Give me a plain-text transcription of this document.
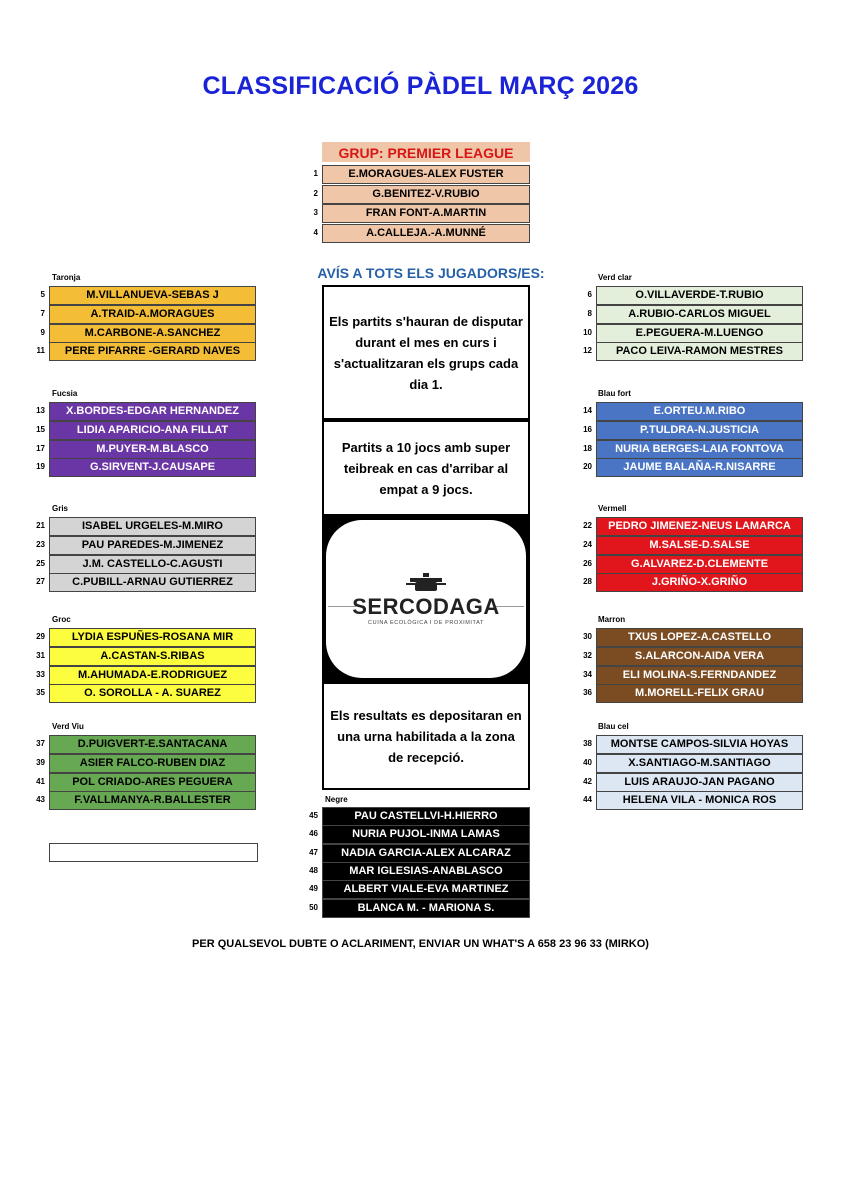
CLASSIFICACIÓ PÀDEL MARÇ 2026
GRUP: PREMIER LEAGUE
1	E.MORAGUES-ALEX FUSTER
2	G.BENITEZ-V.RUBIO
3	FRAN FONT-A.MARTIN
4	A.CALLEJA.-A.MUNNÉ
AVÍS A TOTS ELS JUGADORS/ES:
Els partits s'hauran de disputar durant el mes en curs i s'actualitzaran els grups cada dia 1.
Partits a 10 jocs amb super teibreak en cas d'arribar al empat a 9 jocs.
SERCODAGA
CUINA ECOLÒGICA I DE PROXIMITAT
Els resultats es depositaran en una urna habilitada a la zona de recepció.
Taronja
5	M.VILLANUEVA-SEBAS J
7	A.TRAID-A.MORAGUES
9	M.CARBONE-A.SANCHEZ
11	PERE PIFARRE -GERARD NAVES
Fucsia
13	X.BORDES-EDGAR HERNANDEZ
15	LIDIA APARICIO-ANA FILLAT
17	M.PUYER-M.BLASCO
19	G.SIRVENT-J.CAUSAPE
Gris
21	ISABEL URGELES-M.MIRO
23	PAU PAREDES-M.JIMENEZ
25	J.M. CASTELLO-C.AGUSTI
27	C.PUBILL-ARNAU GUTIERREZ
Groc
29	LYDIA ESPUÑES-ROSANA MIR
31	A.CASTAN-S.RIBAS
33	M.AHUMADA-E.RODRIGUEZ
35	O. SOROLLA - A. SUAREZ
Verd Viu
37	D.PUIGVERT-E.SANTACANA
39	ASIER FALCO-RUBEN DIAZ
41	POL CRIADO-ARES PEGUERA
43	F.VALLMANYA-R.BALLESTER
Verd clar
6	O.VILLAVERDE-T.RUBIO
8	A.RUBIO-CARLOS MIGUEL
10	E.PEGUERA-M.LUENGO
12	PACO LEIVA-RAMON MESTRES
Blau fort
14	E.ORTEU.M.RIBO
16	P.TULDRA-N.JUSTICIA
18	NURIA BERGES-LAIA FONTOVA
20	JAUME BALAÑA-R.NISARRE
Vermell
22	PEDRO JIMENEZ-NEUS LAMARCA
24	M.SALSE-D.SALSE
26	G.ALVAREZ-D.CLEMENTE
28	J.GRIÑO-X.GRIÑO
Marron
30	TXUS LOPEZ-A.CASTELLO
32	S.ALARCON-AIDA VERA
34	ELI MOLINA-S.FERNDANDEZ
36	M.MORELL-FELIX GRAU
Blau cel
38	MONTSE CAMPOS-SILVIA HOYAS
40	X.SANTIAGO-M.SANTIAGO
42	LUIS ARAUJO-JAN PAGANO
44	HELENA VILA - MONICA ROS
Negre
45	PAU CASTELLVI-H.HIERRO
46	NURIA PUJOL-INMA LAMAS
47	NADIA GARCIA-ALEX ALCARAZ
48	MAR IGLESIAS-ANABLASCO
49	ALBERT VIALE-EVA MARTINEZ
50	BLANCA M. - MARIONA S.
PER QUALSEVOL DUBTE O ACLARIMENT, ENVIAR UN WHAT'S A 658 23 96 33 (MIRKO)
